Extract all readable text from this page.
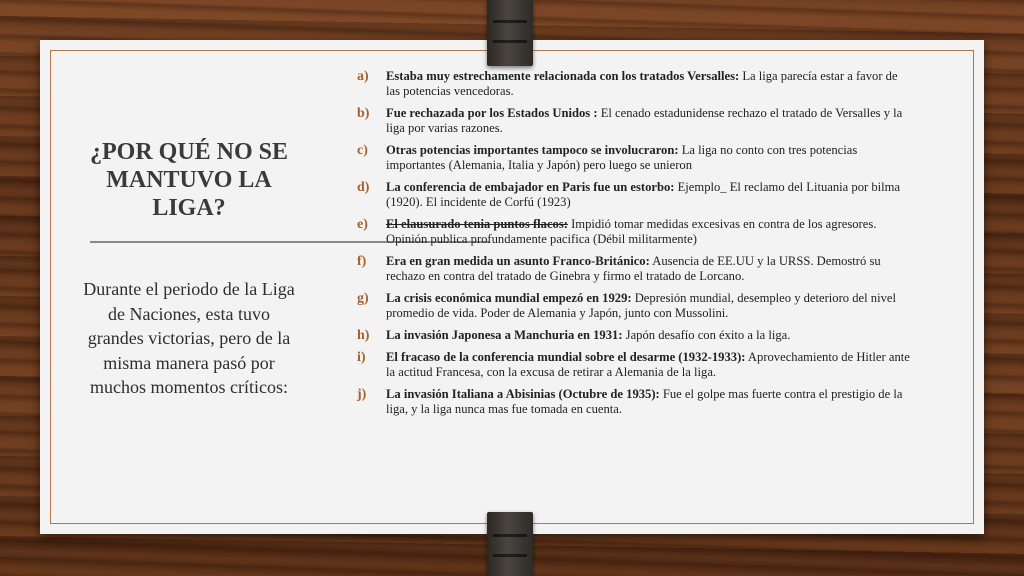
¿POR QUÉ NO SE MANTUVO LA LIGA?
Durante el periodo de la Liga de Naciones, esta tuvo grandes victorias, pero de la misma manera pasó por muchos momentos críticos:
a) Estaba muy estrechamente relacionada con los tratados Versalles: La liga parecía estar a favor de las potencias vencedoras.
b) Fue rechazada por los Estados Unidos : El cenado estadunidense rechazo el tratado de Versalles y la liga por varias razones.
c) Otras potencias importantes tampoco se involucraron: La liga no conto con tres potencias importantes (Alemania, Italia y Japón) pero luego se unieron
d) La conferencia de embajador en Paris fue un estorbo: Ejemplo_ El reclamo del Lituania por bilma (1920). El incidente de Corfú (1923)
e) El elausurado tenia puntos flacos: Impidió tomar medidas excesivas en contra de los agresores. Opinión publica profundamente pacifica (Débil militarmente)
f) Era en gran medida un asunto Franco-Británico: Ausencia de EE.UU y la URSS. Demostró su rechazo en contra del tratado de Ginebra y firmo el tratado de Lorcano.
g) La crisis económica mundial empezó en 1929: Depresión mundial, desempleo y deterioro del nivel promedio de vida. Poder de Alemania y Japón, junto con Mussolini.
h) La invasión Japonesa a Manchuria en 1931: Japón desafío con éxito a la liga.
i) El fracaso de la conferencia mundial sobre el desarme (1932-1933): Aprovechamiento de Hitler ante la actitud Francesa, con la excusa de retirar a Alemania de la liga.
j) La invasión Italiana a Abisinias (Octubre de 1935): Fue el golpe mas fuerte contra el prestigio de la liga, y la liga nunca mas fue tomada en cuenta.
